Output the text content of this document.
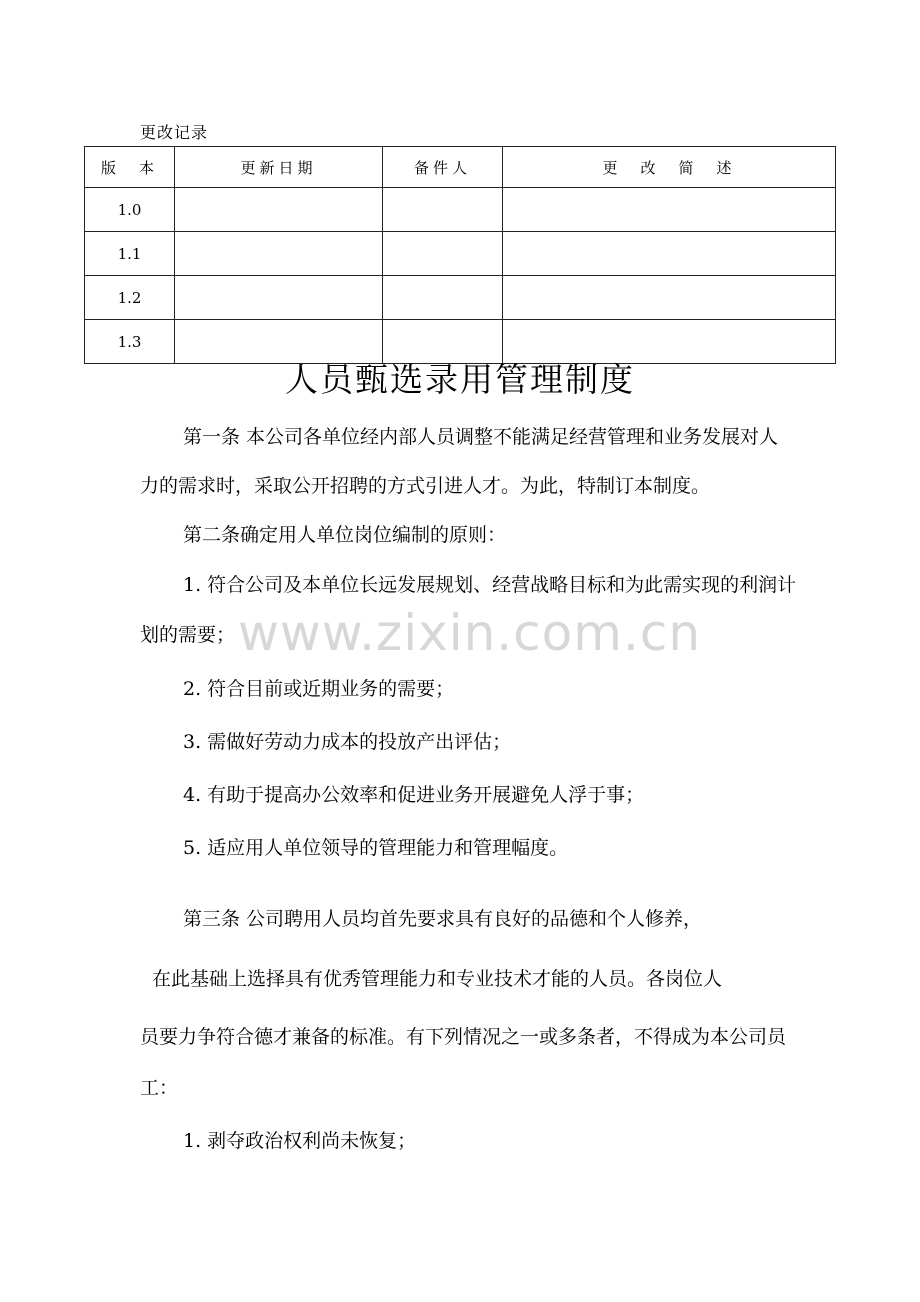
更改记录
版　本	更新日期	备件人	更　改　简　述
1.0			
1.1			
1.2			
1.3			
人员甄选录用管理制度
www.zixin.com.cn
第一条 本公司各单位经内部人员调整不能满足经营管理和业务发展对人
力的需求时，采取公开招聘的方式引进人才。为此，特制订本制度。
第二条确定用人单位岗位编制的原则：
1. 符合公司及本单位长远发展规划、经营战略目标和为此需实现的利润计
划的需要；
2. 符合目前或近期业务的需要；
3. 需做好劳动力成本的投放产出评估；
4. 有助于提高办公效率和促进业务开展避免人浮于事；
5. 适应用人单位领导的管理能力和管理幅度。
第三条 公司聘用人员均首先要求具有良好的品德和个人修养，
在此基础上选择具有优秀管理能力和专业技术才能的人员。各岗位人
员要力争符合德才兼备的标准。有下列情况之一或多条者，不得成为本公司员
工：
1. 剥夺政治权利尚未恢复；
